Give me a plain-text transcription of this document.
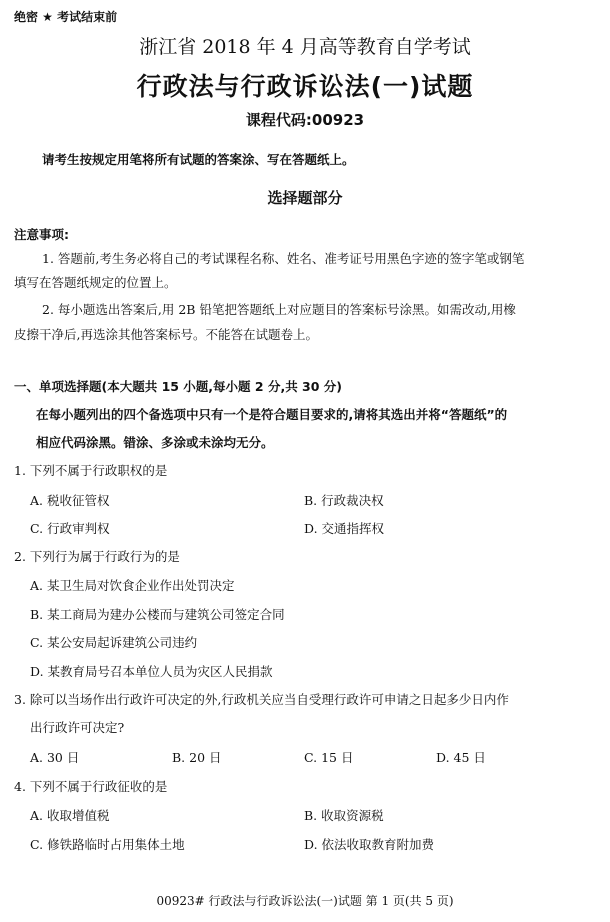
绝密 ★ 考试结束前
浙江省 2018 年 4 月高等教育自学考试
行政法与行政诉讼法(一)试题
课程代码:00923
请考生按规定用笔将所有试题的答案涂、写在答题纸上。
选择题部分
注意事项:
1. 答题前,考生务必将自己的考试课程名称、姓名、准考证号用黑色字迹的签字笔或钢笔
填写在答题纸规定的位置上。
2. 每小题选出答案后,用 2B 铅笔把答题纸上对应题目的答案标号涂黑。如需改动,用橡
皮擦干净后,再选涂其他答案标号。不能答在试题卷上。
一、单项选择题(本大题共 15 小题,每小题 2 分,共 30 分)
在每小题列出的四个备选项中只有一个是符合题目要求的,请将其选出并将“答题纸”的
相应代码涂黑。错涂、多涂或未涂均无分。
1. 下列不属于行政职权的是
A. 税收征管权	B. 行政裁决权
C. 行政审判权	D. 交通指挥权
2. 下列行为属于行政行为的是
A. 某卫生局对饮食企业作出处罚决定
B. 某工商局为建办公楼而与建筑公司签定合同
C. 某公安局起诉建筑公司违约
D. 某教育局号召本单位人员为灾区人民捐款
3. 除可以当场作出行政许可决定的外,行政机关应当自受理行政许可申请之日起多少日内作
出行政许可决定?
A. 30 日	B. 20 日	C. 15 日	D. 45 日
4. 下列不属于行政征收的是
A. 收取增值税	B. 收取资源税
C. 修铁路临时占用集体土地	D. 依法收取教育附加费
00923# 行政法与行政诉讼法(一)试题 第 1 页(共 5 页)
